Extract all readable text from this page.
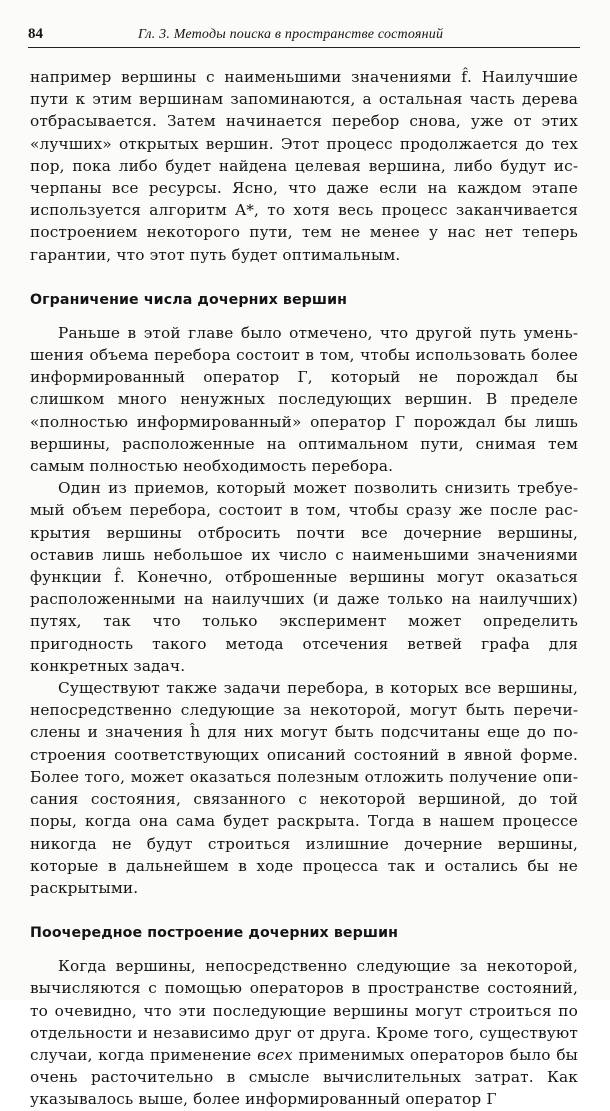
84	Гл. 3. Методы поиска в пространстве состояний

например вершины с наименьшими значениями f̂. Наилучшие пути к этим вершинам запоминаются, а остальная часть дерева отбрасывается. Затем начинается перебор снова, уже от этих «лучших» открытых вершин. Этот процесс продолжается до тех пор, пока либо будет найдена целевая вершина, либо будут исчерпаны все ресурсы. Ясно, что даже если на каждом этапе используется алгоритм A*, то хотя весь процесс заканчивается построением некоторого пути, тем не менее у нас нет теперь гарантии, что этот путь будет оптимальным.

Ограничение числа дочерних вершин

Раньше в этой главе было отмечено, что другой путь уменьшения объема перебора состоит в том, чтобы использовать более информированный оператор Г, который не порождал бы слишком много ненужных последующих вершин. В пределе «полностью информированный» оператор Г порождал бы лишь вершины, расположенные на оптимальном пути, снимая тем самым полностью необходимость перебора.

Один из приемов, который может позволить снизить требуемый объем перебора, состоит в том, чтобы сразу же после раскрытия вершины отбросить почти все дочерние вершины, оставив лишь небольшое их число с наименьшими значениями функции f̂. Конечно, отброшенные вершины могут оказаться расположенными на наилучших (и даже только на наилучших) путях, так что только эксперимент может определить пригодность такого метода отсечения ветвей графа для конкретных задач.

Существуют также задачи перебора, в которых все вершины, непосредственно следующие за некоторой, могут быть перечислены и значения ĥ для них могут быть подсчитаны еще до построения соответствующих описаний состояний в явной форме. Более того, может оказаться полезным отложить получение описания состояния, связанного с некоторой вершиной, до той поры, когда она сама будет раскрыта. Тогда в нашем процессе никогда не будут строиться излишние дочерние вершины, которые в дальнейшем в ходе процесса так и остались бы не раскрытыми.

Поочередное построение дочерних вершин

Когда вершины, непосредственно следующие за некоторой, вычисляются с помощью операторов в пространстве состояний, то очевидно, что эти последующие вершины могут строиться по отдельности и независимо друг от друга. Кроме того, существуют случаи, когда применение всех применимых операторов было бы очень расточительно в смысле вычислительных затрат. Как указывалось выше, более информированный оператор Г
